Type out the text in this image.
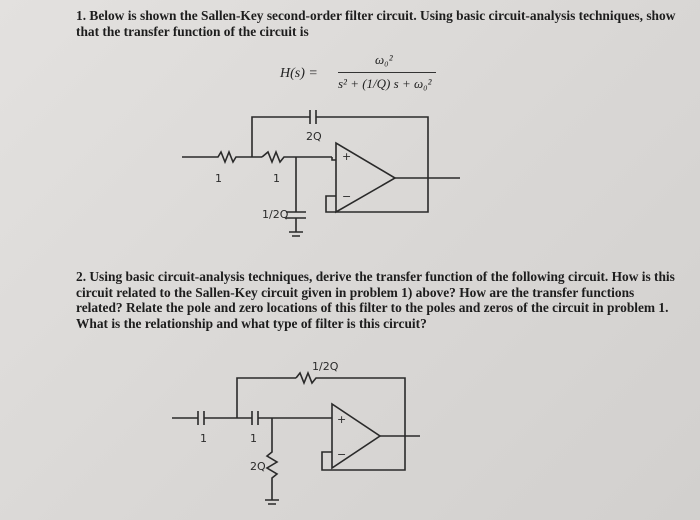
1. Below is shown the Sallen-Key second-order filter circuit. Using basic circuit-analysis techniques, show that the transfer function of the circuit is
H(s) =
ω₀²
s² + (1/Q) s + ω₀²
1	1
2Q
1/2Q
+
−
2. Using basic circuit-analysis techniques, derive the transfer function of the following circuit. How is this circuit related to the Sallen-Key circuit given in problem 1) above? How are the transfer functions related? Relate the pole and zero locations of this filter to the poles and zeros of the circuit in problem 1. What is the relationship and what type of filter is this circuit?
1	1
1/2Q
2Q
+
−
